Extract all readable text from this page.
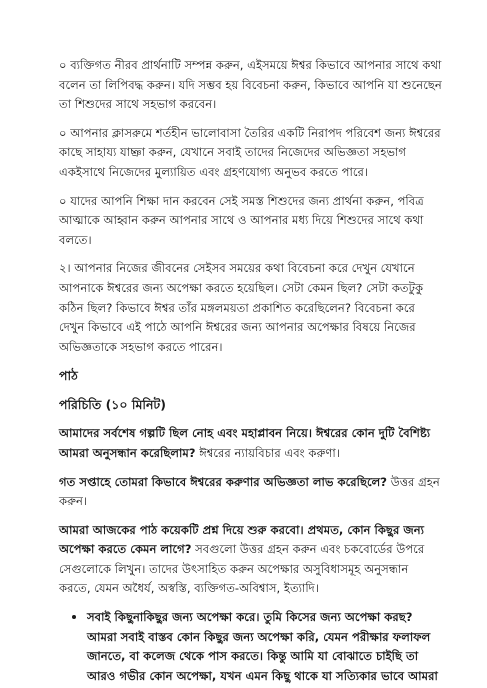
০ ব্যক্তিগত নীরব প্রার্থনাটি সম্পন্ন করুন, এইসময়ে ঈশ্বর কিভাবে আপনার সাথে কথা বলেন তা লিপিবদ্ধ করুন। যদি সম্ভব হয় বিবেচনা করুন, কিভাবে আপনি যা শুনেছেন তা শিশুদের সাথে সহভাগ করবেন।

০ আপনার ক্লাসরুমে শর্তহীন ভালোবাসা তৈরির একটি নিরাপদ পরিবেশ জন্য ঈশ্বরের কাছে সাহায্য যাচ্ঞা করুন, যেখানে সবাই তাদের নিজেদের অভিজ্ঞতা সহভাগ একইসাথে নিজেদের মুল্যায়িত এবং গ্রহণযোগ্য অনুভব করতে পারে।

০ যাদের আপনি শিক্ষা দান করবেন সেই সমস্ত শিশুদের জন্য প্রার্থনা করুন, পবিত্র আত্মাকে আহ্বান করুন আপনার সাথে ও আপনার মধ্য দিয়ে শিশুদের সাথে কথা বলতে।

২। আপনার নিজের জীবনের সেইসব সময়ের কথা বিবেচনা করে দেখুন যেখানে আপনাকে ঈশ্বরের জন্য অপেক্ষা করতে হয়েছিল। সেটা কেমন ছিল? সেটা কতটুকু কঠিন ছিল? কিভাবে ঈশ্বর তাঁর মঙ্গলময়তা প্রকাশিত করেছিলেন? বিবেচনা করে দেখুন কিভাবে এই পাঠে আপনি ঈশ্বরের জন্য আপনার অপেক্ষার বিষয়ে নিজের অভিজ্ঞতাকে সহভাগ করতে পারেন।

পাঠ

পরিচিতি (১০ মিনিট)

আমাদের সর্বশেষ গল্পটি ছিল নোহ এবং মহাপ্লাবন নিয়ে। ঈশ্বরের কোন দুটি বৈশিষ্ট্য আমরা অনুসন্ধান করেছিলাম? ঈশ্বরের ন্যায়বিচার এবং করুণা।

গত সপ্তাহে তোমরা কিভাবে ঈশ্বরের করুণার অভিজ্ঞতা লাভ করেছিলে? উত্তর গ্রহন করুন।

আমরা আজকের পাঠ কয়েকটি প্রশ্ন দিয়ে শুরু করবো। প্রথমত, কোন কিছুর জন্য অপেক্ষা করতে কেমন লাগে? সবগুলো উত্তর গ্রহন করুন এবং চকবোর্ডের উপরে সেগুলোকে লিখুন। তাদের উৎসাহিত করুন অপেক্ষার অসুবিধাসমূহ অনুসন্ধান করতে, যেমন অধৈর্য, অস্বস্তি, ব্যক্তিগত-অবিশ্বাস, ইত্যাদি।

• সবাই কিছুনাকিছুর জন্য অপেক্ষা করে। তুমি কিসের জন্য অপেক্ষা করছ? আমরা সবাই বাস্তব কোন কিছুর জন্য অপেক্ষা করি, যেমন পরীক্ষার ফলাফল জানতে, বা কলেজ থেকে পাস করতে। কিন্তু আমি যা বোঝাতে চাইছি তা আরও গভীর কোন অপেক্ষা, যখন এমন কিছু থাকে যা সত্যিকার ভাবে আমরা
